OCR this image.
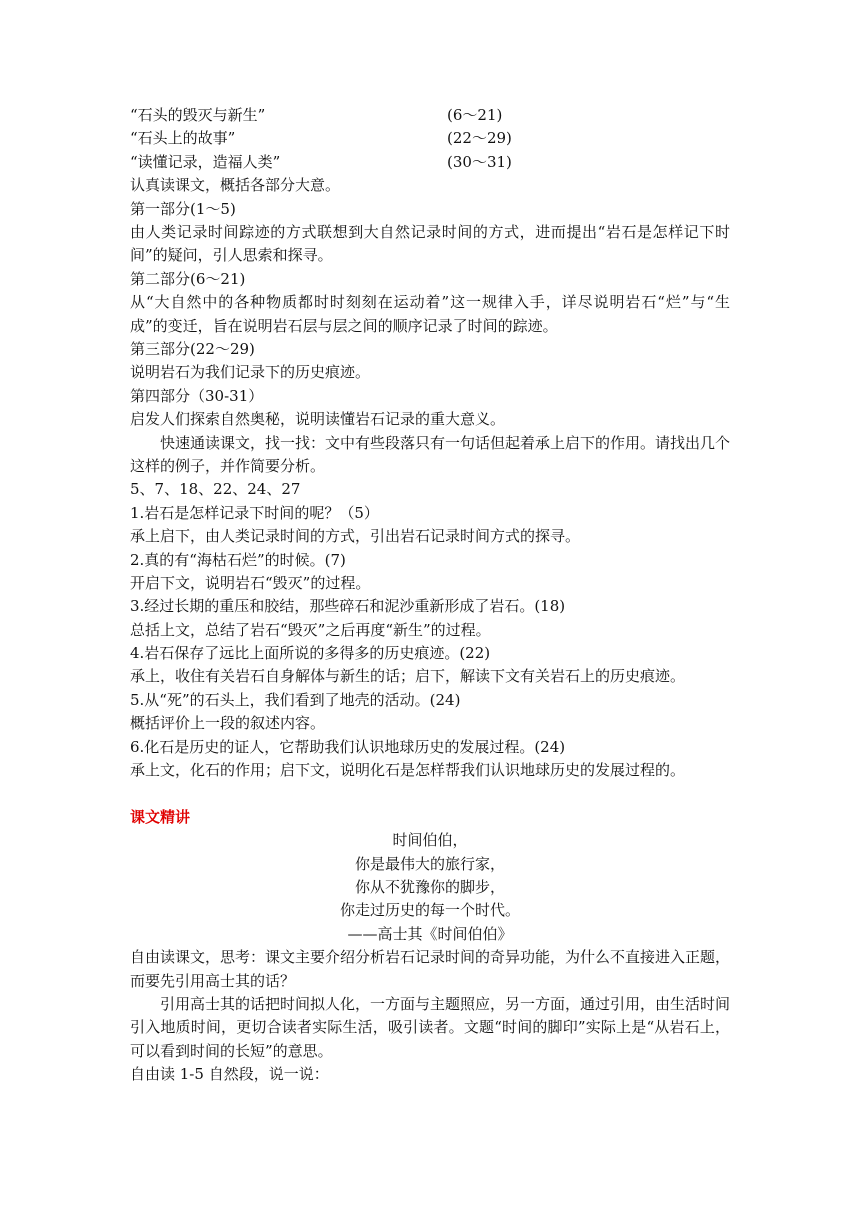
“石头的毁灭与新生”	(6～21)
“石头上的故事”	(22～29)
“读懂记录，造福人类”	(30～31)
认真读课文，概括各部分大意。
第一部分(1～5)
由人类记录时间踪迹的方式联想到大自然记录时间的方式，进而提出“岩石是怎样记下时间”的疑问，引人思索和探寻。
第二部分(6～21)
从“大自然中的各种物质都时时刻刻在运动着”这一规律入手，详尽说明岩石“烂”与“生成”的变迁，旨在说明岩石层与层之间的顺序记录了时间的踪迹。
第三部分(22～29)
说明岩石为我们记录下的历史痕迹。
第四部分（30-31）
启发人们探索自然奥秘，说明读懂岩石记录的重大意义。
快速通读课文，找一找：文中有些段落只有一句话但起着承上启下的作用。请找出几个这样的例子，并作简要分析。
5、7、18、22、24、27
1.岩石是怎样记录下时间的呢？（5）
承上启下，由人类记录时间的方式，引出岩石记录时间方式的探寻。
2.真的有“海枯石烂”的时候。(7)
开启下文，说明岩石“毁灭”的过程。
3.经过长期的重压和胶结，那些碎石和泥沙重新形成了岩石。(18)
总括上文，总结了岩石“毁灭”之后再度“新生”的过程。
4.岩石保存了远比上面所说的多得多的历史痕迹。(22)
承上，收住有关岩石自身解体与新生的话；启下，解读下文有关岩石上的历史痕迹。
5.从“死”的石头上，我们看到了地壳的活动。(24)
概括评价上一段的叙述内容。
6.化石是历史的证人，它帮助我们认识地球历史的发展过程。(24)
承上文，化石的作用；启下文，说明化石是怎样帮我们认识地球历史的发展过程的。
课文精讲
时间伯伯，
你是最伟大的旅行家，
你从不犹豫你的脚步，
你走过历史的每一个时代。
——高士其《时间伯伯》
自由读课文，思考：课文主要介绍分析岩石记录时间的奇异功能，为什么不直接进入正题，而要先引用高士其的话？
引用高士其的话把时间拟人化，一方面与主题照应，另一方面，通过引用，由生活时间引入地质时间，更切合读者实际生活，吸引读者。文题“时间的脚印”实际上是“从岩石上，可以看到时间的长短”的意思。
自由读 1-5 自然段，说一说：
